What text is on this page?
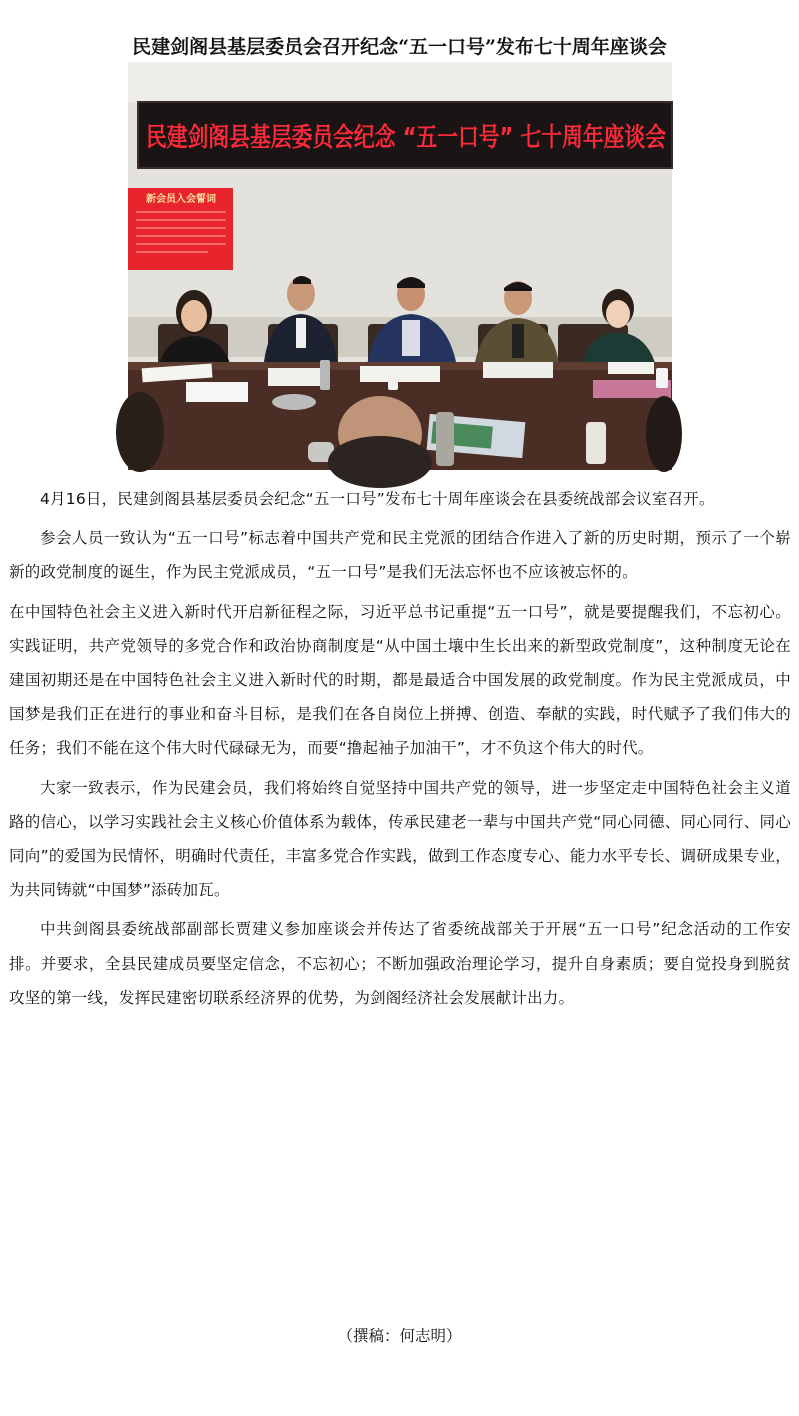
民建剑阁县基层委员会召开纪念“五一口号”发布七十周年座谈会
民建剑阁县基层委员会纪念 “五一口号” 七十周年座谈会
新会员入会誓词

4月16日，民建剑阁县基层委员会纪念“五一口号”发布七十周年座谈会在县委统战部会议室召开。

参会人员一致认为“五一口号”标志着中国共产党和民主党派的团结合作进入了新的历史时期，预示了一个崭新的政党制度的诞生，作为民主党派成员，“五一口号”是我们无法忘怀也不应该被忘怀的。

在中国特色社会主义进入新时代开启新征程之际，习近平总书记重提“五一口号”，就是要提醒我们，不忘初心。实践证明，共产党领导的多党合作和政治协商制度是“从中国土壤中生长出来的新型政党制度”，这种制度无论在建国初期还是在中国特色社会主义进入新时代的时期，都是最适合中国发展的政党制度。作为民主党派成员，中国梦是我们正在进行的事业和奋斗目标，是我们在各自岗位上拼搏、创造、奉献的实践，时代赋予了我们伟大的任务；我们不能在这个伟大时代碌碌无为，而要“撸起袖子加油干”，才不负这个伟大的时代。

大家一致表示，作为民建会员，我们将始终自觉坚持中国共产党的领导，进一步坚定走中国特色社会主义道路的信心，以学习实践社会主义核心价值体系为载体，传承民建老一辈与中国共产党“同心同德、同心同行、同心同向”的爱国为民情怀，明确时代责任，丰富多党合作实践，做到工作态度专心、能力水平专长、调研成果专业，为共同铸就“中国梦”添砖加瓦。

中共剑阁县委统战部副部长贾建义参加座谈会并传达了省委统战部关于开展“五一口号”纪念活动的工作安排。并要求，全县民建成员要坚定信念，不忘初心；不断加强政治理论学习，提升自身素质；要自觉投身到脱贫攻坚的第一线，发挥民建密切联系经济界的优势，为剑阁经济社会发展献计出力。

（撰稿：何志明）
